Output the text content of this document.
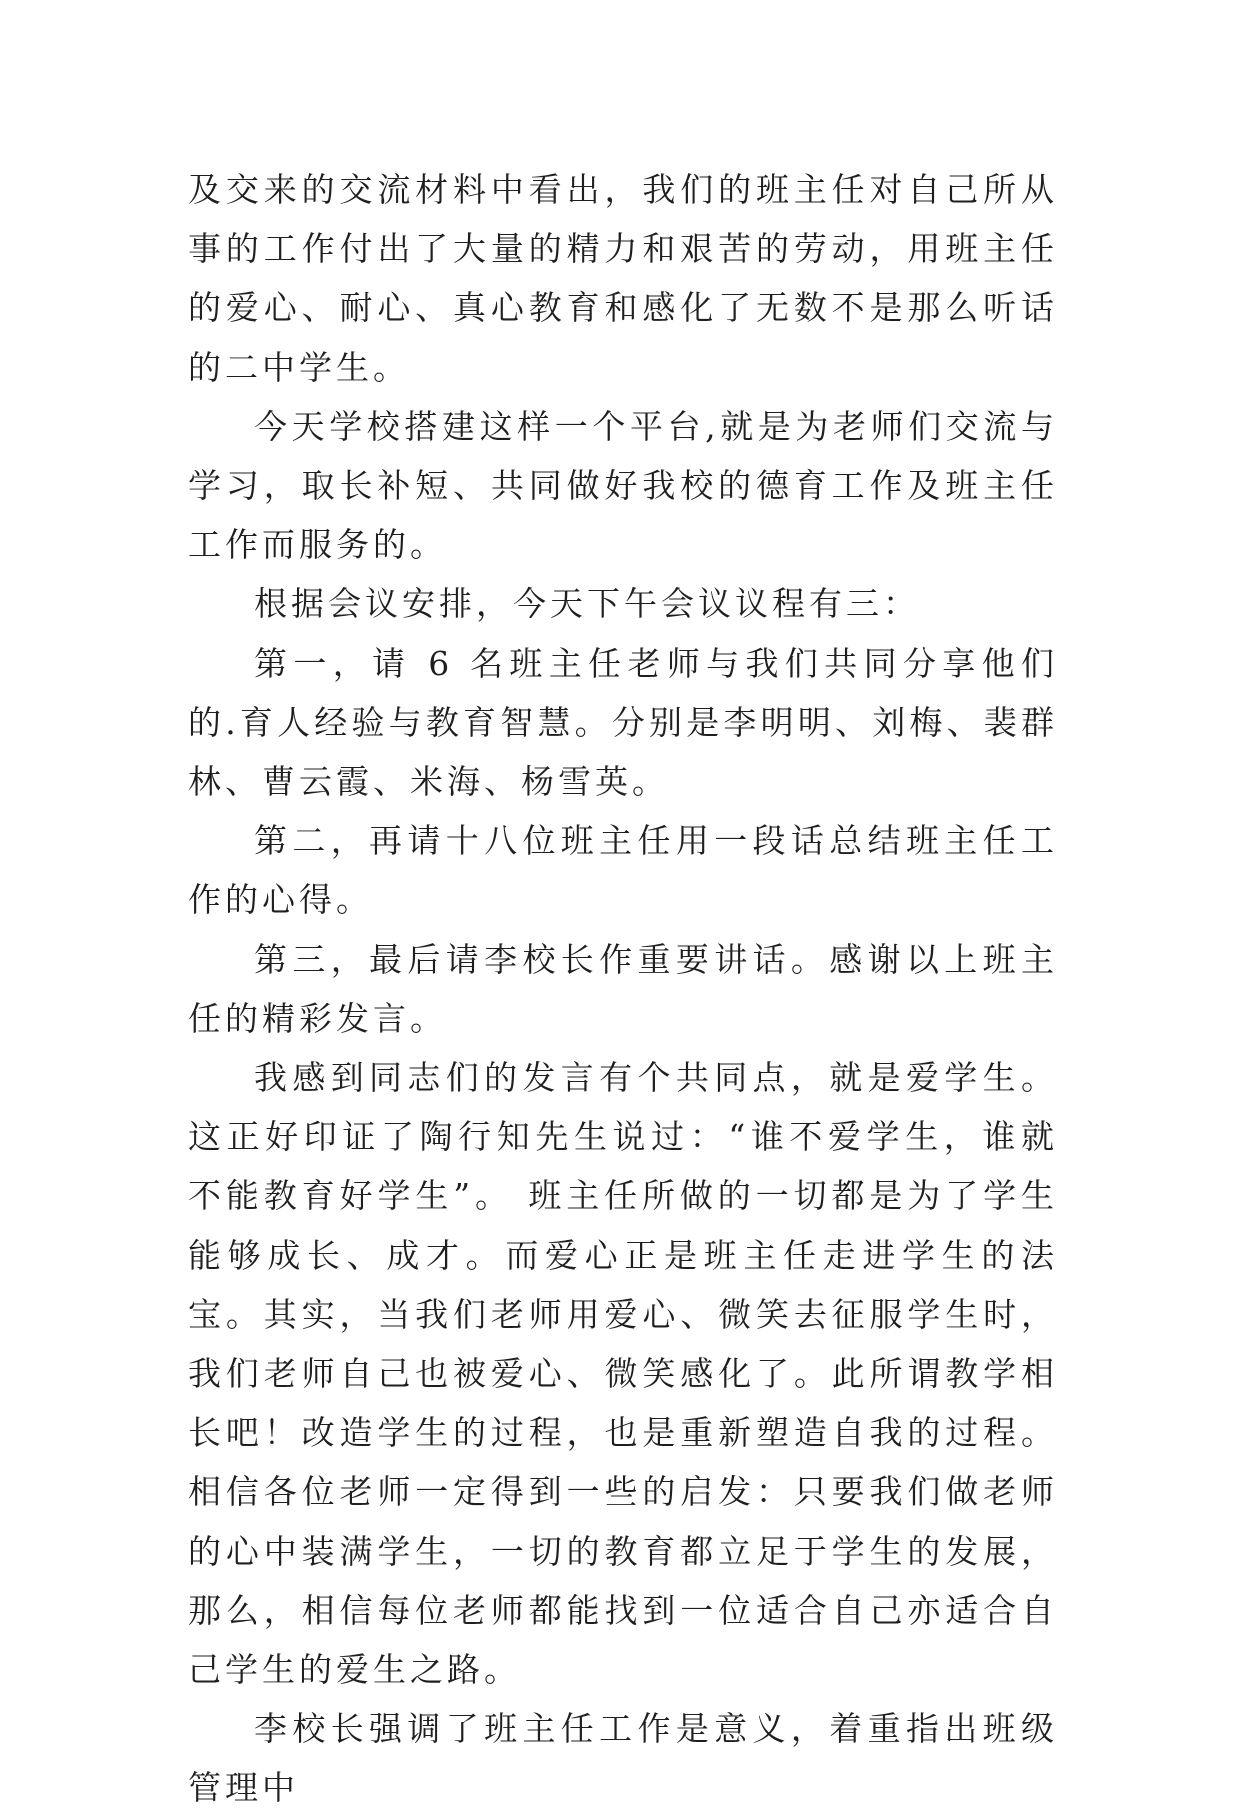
及交来的交流材料中看出，我们的班主任对自己所从事的工作付出了大量的精力和艰苦的劳动，用班主任的爱心、耐心、真心教育和感化了无数不是那么听话的二中学生。

今天学校搭建这样一个平台,就是为老师们交流与学习，取长补短、共同做好我校的德育工作及班主任工作而服务的。

根据会议安排，今天下午会议议程有三：

第一，请 6 名班主任老师与我们共同分享他们的.育人经验与教育智慧。分别是李明明、刘梅、裴群林、曹云霞、米海、杨雪英。

第二，再请十八位班主任用一段话总结班主任工作的心得。

第三，最后请李校长作重要讲话。感谢以上班主任的精彩发言。

我感到同志们的发言有个共同点，就是爱学生。这正好印证了陶行知先生说过：“谁不爱学生，谁就不能教育好学生”。 班主任所做的一切都是为了学生能够成长、成才。而爱心正是班主任走进学生的法宝。其实，当我们老师用爱心、微笑去征服学生时，我们老师自己也被爱心、微笑感化了。此所谓教学相长吧！改造学生的过程，也是重新塑造自我的过程。相信各位老师一定得到一些的启发：只要我们做老师的心中装满学生，一切的教育都立足于学生的发展，那么，相信每位老师都能找到一位适合自己亦适合自己学生的爱生之路。

李校长强调了班主任工作是意义，着重指出班级管理中
